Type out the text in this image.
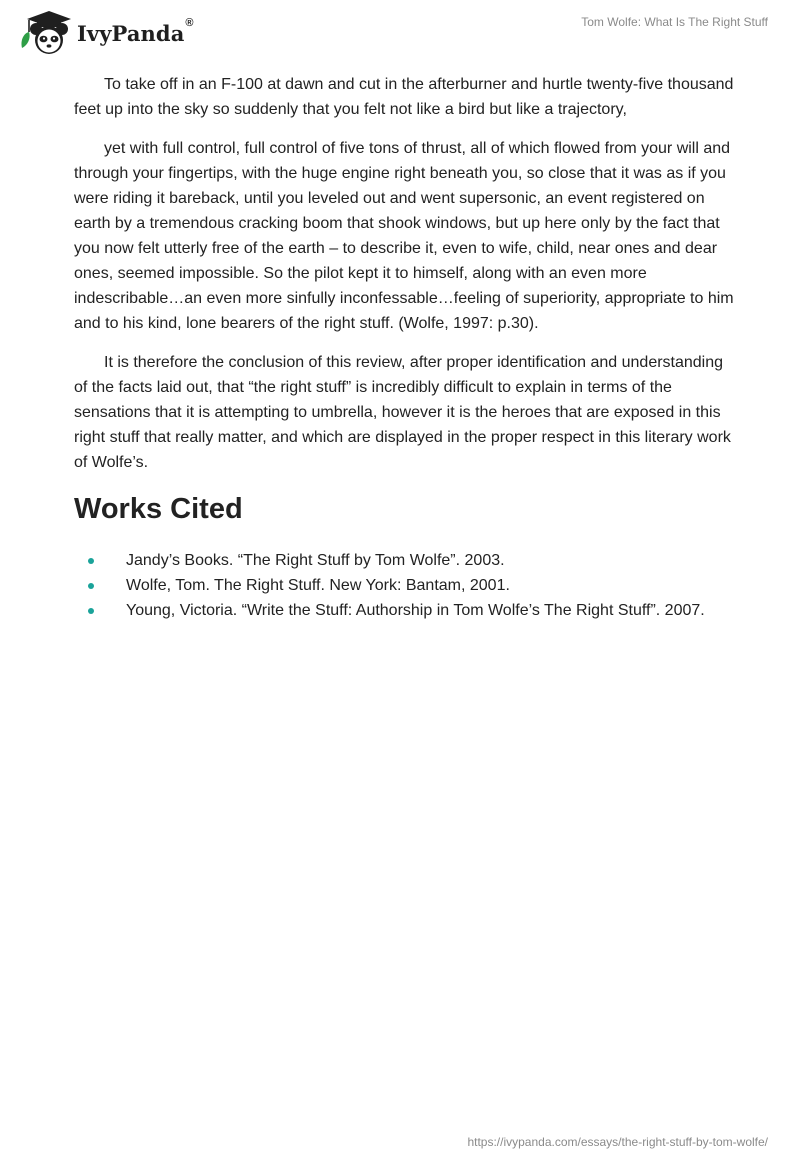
IvyPanda®	Tom Wolfe: What Is The Right Stuff

To take off in an F-100 at dawn and cut in the afterburner and hurtle twenty-five thousand feet up into the sky so suddenly that you felt not like a bird but like a trajectory,

yet with full control, full control of five tons of thrust, all of which flowed from your will and through your fingertips, with the huge engine right beneath you, so close that it was as if you were riding it bareback, until you leveled out and went supersonic, an event registered on earth by a tremendous cracking boom that shook windows, but up here only by the fact that you now felt utterly free of the earth – to describe it, even to wife, child, near ones and dear ones, seemed impossible. So the pilot kept it to himself, along with an even more indescribable…an even more sinfully inconfessable…feeling of superiority, appropriate to him and to his kind, lone bearers of the right stuff. (Wolfe, 1997: p.30).

It is therefore the conclusion of this review, after proper identification and understanding of the facts laid out, that “the right stuff” is incredibly difficult to explain in terms of the sensations that it is attempting to umbrella, however it is the heroes that are exposed in this right stuff that really matter, and which are displayed in the proper respect in this literary work of Wolfe’s.

Works Cited
Jandy’s Books. “The Right Stuff by Tom Wolfe”. 2003.
Wolfe, Tom. The Right Stuff. New York: Bantam, 2001.
Young, Victoria. “Write the Stuff: Authorship in Tom Wolfe’s The Right Stuff”. 2007.
https://ivypanda.com/essays/the-right-stuff-by-tom-wolfe/
